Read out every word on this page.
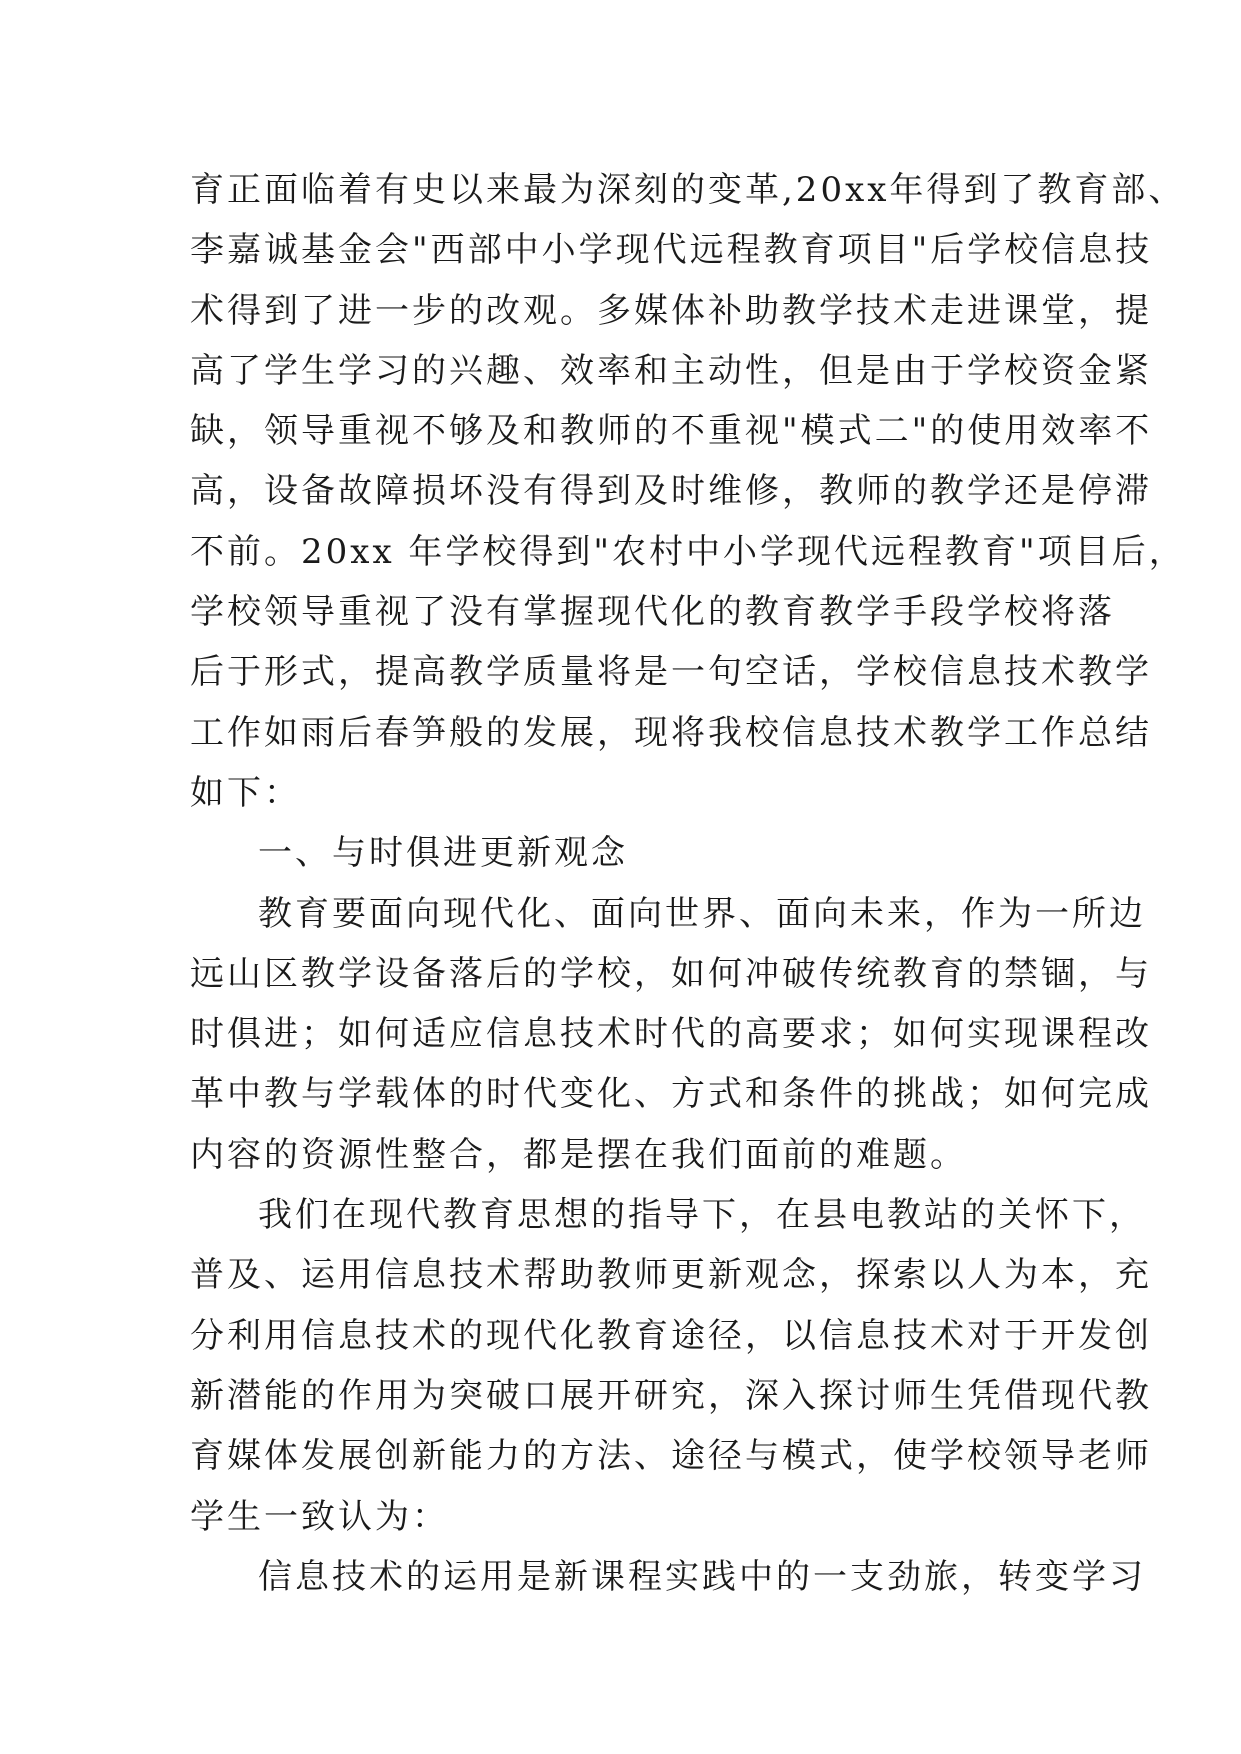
育正面临着有史以来最为深刻的变革,20xx年得到了教育部、
李嘉诚基金会"西部中小学现代远程教育项目"后学校信息技
术得到了进一步的改观。多媒体补助教学技术走进课堂，提
高了学生学习的兴趣、效率和主动性，但是由于学校资金紧
缺，领导重视不够及和教师的不重视"模式二"的使用效率不
高，设备故障损坏没有得到及时维修，教师的教学还是停滞
不前。20xx 年学校得到"农村中小学现代远程教育"项目后，
学校领导重视了没有掌握现代化的教育教学手段学校将落
后于形式，提高教学质量将是一句空话，学校信息技术教学
工作如雨后春笋般的发展，现将我校信息技术教学工作总结
如下：
一、与时俱进更新观念
教育要面向现代化、面向世界、面向未来，作为一所边
远山区教学设备落后的学校，如何冲破传统教育的禁锢，与
时俱进；如何适应信息技术时代的高要求；如何实现课程改
革中教与学载体的时代变化、方式和条件的挑战；如何完成
内容的资源性整合，都是摆在我们面前的难题。
我们在现代教育思想的指导下，在县电教站的关怀下，
普及、运用信息技术帮助教师更新观念，探索以人为本，充
分利用信息技术的现代化教育途径，以信息技术对于开发创
新潜能的作用为突破口展开研究，深入探讨师生凭借现代教
育媒体发展创新能力的方法、途径与模式，使学校领导老师
学生一致认为：
信息技术的运用是新课程实践中的一支劲旅，转变学习
